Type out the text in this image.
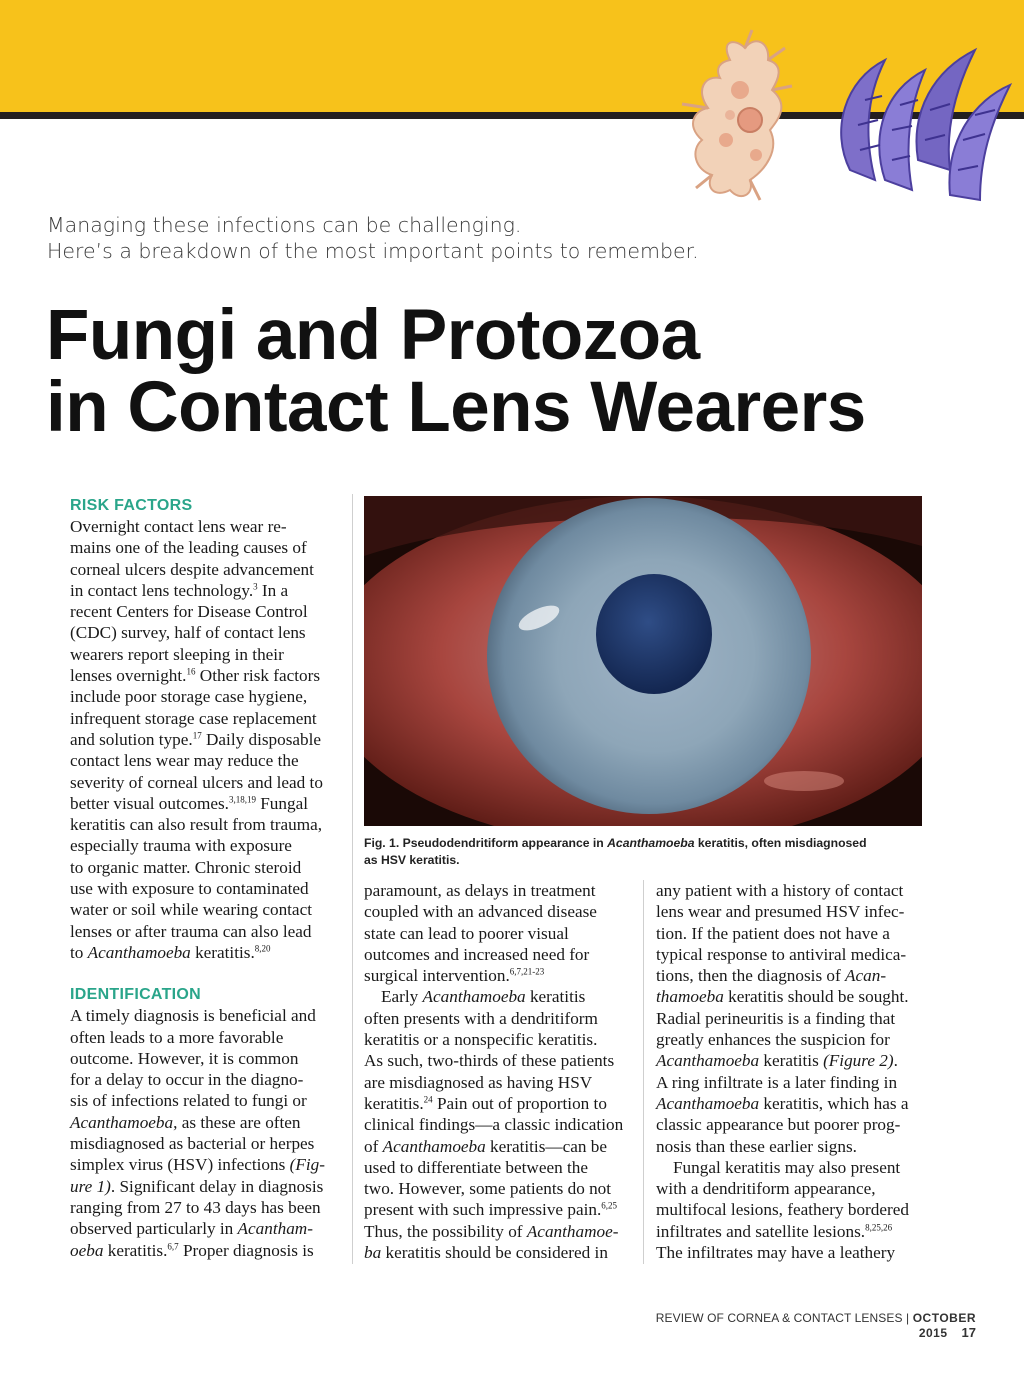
Managing these infections can be challenging.
Here’s a breakdown of the most important points to remember.
Fungi and Protozoa
in Contact Lens Wearers
RISK FACTORS

Overnight contact lens wear re-
mains one of the leading causes of
corneal ulcers despite advancement
in contact lens technology.$^3$ In a
recent Centers for Disease Control
(CDC) survey, half of contact lens
wearers report sleeping in their
lenses overnight.$^{16}$ Other risk factors
include poor storage case hygiene,
infrequent storage case replacement
and solution type.$^{17}$ Daily disposable
contact lens wear may reduce the
severity of corneal ulcers and lead to
better visual outcomes.$^{3,18,19}$ Fungal
keratitis can also result from trauma,
especially trauma with exposure
to organic matter. Chronic steroid
use with exposure to contaminated
water or soil while wearing contact
lenses or after trauma can also lead
to Acanthamoeba keratitis.$^{8,20}$

IDENTIFICATION

A timely diagnosis is beneficial and
often leads to a more favorable
outcome. However, it is common
for a delay to occur in the diagno-
sis of infections related to fungi or
Acanthamoeba, as these are often
misdiagnosed as bacterial or herpes
simplex virus (HSV) infections (Fig-
ure 1). Significant delay in diagnosis
ranging from 27 to 43 days has been
observed particularly in Acantham-
oeba keratitis.$^{6,7}$ Proper diagnosis is

Fig. 1. Pseudodendritiform appearance in Acanthamoeba keratitis, often misdiagnosed
as HSV keratitis.

paramount, as delays in treatment
coupled with an advanced disease
state can lead to poorer visual
outcomes and increased need for
surgical intervention.$^{6,7,21-23}$
Early Acanthamoeba keratitis
often presents with a dendritiform
keratitis or a nonspecific keratitis.
As such, two-thirds of these patients
are misdiagnosed as having HSV
keratitis.$^{24}$ Pain out of proportion to
clinical findings—a classic indication
of Acanthamoeba keratitis—can be
used to differentiate between the
two. However, some patients do not
present with such impressive pain.$^{6,25}$
Thus, the possibility of Acanthamoe-
ba keratitis should be considered in

any patient with a history of contact
lens wear and presumed HSV infec-
tion. If the patient does not have a
typical response to antiviral medica-
tions, then the diagnosis of Acan-
thamoeba keratitis should be sought.
Radial perineuritis is a finding that
greatly enhances the suspicion for
Acanthamoeba keratitis (Figure 2).
A ring infiltrate is a later finding in
Acanthamoeba keratitis, which has a
classic appearance but poorer prog-
nosis than these earlier signs.
Fungal keratitis may also present
with a dendritiform appearance,
multifocal lesions, feathery bordered
infiltrates and satellite lesions.$^{8,25,26}$
The infiltrates may have a leathery

REVIEW OF CORNEA & CONTACT LENSES | OCTOBER 2015 17
